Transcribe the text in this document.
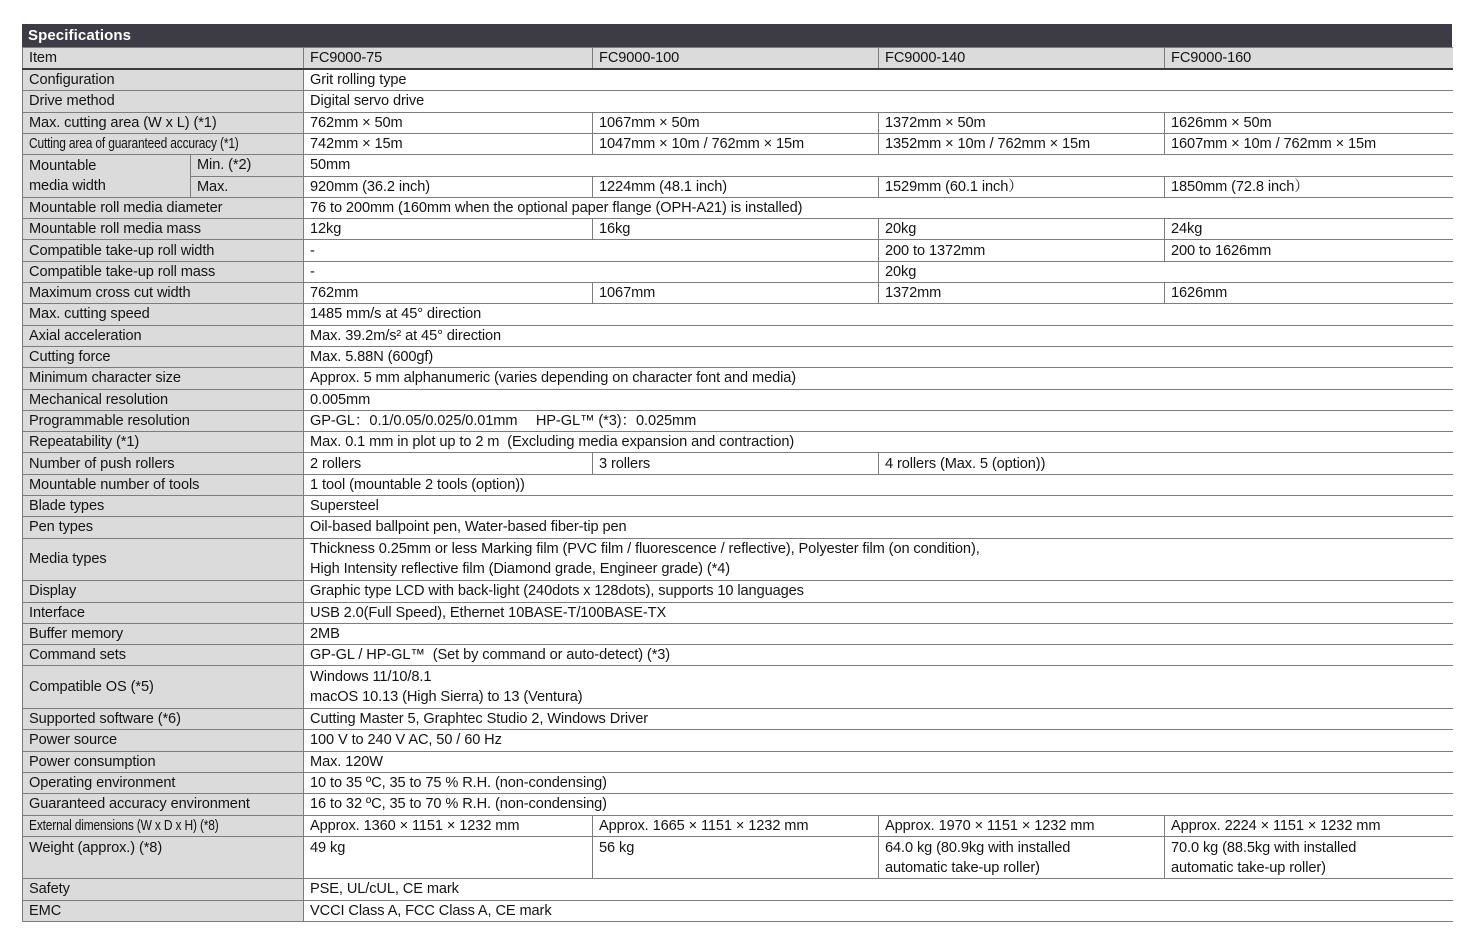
Specifications
Item		FC9000-75	FC9000-100	FC9000-140	FC9000-160

Configuration		Grit rolling type			

Drive method		Digital servo drive			

Max. cutting area (W x L) (*1)		762mm × 50m	1067mm × 50m	1372mm × 50m	1626mm × 50m

Cutting area of guaranteed accuracy (*1)		742mm × 15m	1047mm × 10m / 762mm × 15m	1352mm × 10m / 762mm × 15m	1607mm × 10m / 762mm × 15m

Mountable
media width	Min. (*2)	50mm			

	Max.	920mm (36.2 inch)	1224mm (48.1 inch)	1529mm (60.1 inch）	1850mm (72.8 inch）

Mountable roll media diameter		76 to 200mm (160mm when the optional paper flange (OPH-A21) is installed)			

Mountable roll media mass		12kg	16kg	20kg	24kg

Compatible take-up roll width		-		200 to 1372mm	200 to 1626mm

Compatible take-up roll mass		-		20kg	

Maximum cross cut width		762mm	1067mm	1372mm	1626mm

Max. cutting speed		1485 mm/s at 45° direction			

Axial acceleration		Max. 39.2m/s² at 45° direction			

Cutting force		Max. 5.88N (600gf)			

Minimum character size		Approx. 5 mm alphanumeric (varies depending on character font and media)			

Mechanical resolution		0.005mm			

Programmable resolution		GP-GL：0.1/0.05/0.025/0.01mm　 HP-GL™ (*3)：0.025mm			

Repeatability (*1)		Max. 0.1 mm in plot up to 2 m  (Excluding media expansion and contraction)			

Number of push rollers		2 rollers	3 rollers	4 rollers (Max. 5 (option))	

Mountable number of tools		1 tool (mountable 2 tools (option))			

Blade types		Supersteel			

Pen types		Oil-based ballpoint pen, Water-based fiber-tip pen			

Media types		Thickness 0.25mm or less Marking film (PVC film / fluorescence / reflective), Polyester film (on condition),
High Intensity reflective film (Diamond grade, Engineer grade) (*4)			

Display		Graphic type LCD with back-light (240dots x 128dots), supports 10 languages			

Interface		USB 2.0(Full Speed), Ethernet 10BASE-T/100BASE-TX			

Buffer memory		2MB			

Command sets		GP-GL / HP-GL™  (Set by command or auto-detect) (*3)			

Compatible OS (*5)		Windows 11/10/8.1
macOS 10.13 (High Sierra) to 13 (Ventura)			

Supported software (*6)		Cutting Master 5, Graphtec Studio 2, Windows Driver			

Power source		100 V to 240 V AC, 50 / 60 Hz			

Power consumption		Max. 120W			

Operating environment		10 to 35 ºC, 35 to 75 % R.H. (non-condensing)			

Guaranteed accuracy environment		16 to 32 ºC, 35 to 70 % R.H. (non-condensing)			

External dimensions (W x D x H) (*8)		Approx. 1360 × 1151 × 1232 mm	Approx. 1665 × 1151 × 1232 mm	Approx. 1970 × 1151 × 1232 mm	Approx. 2224 × 1151 × 1232 mm

Weight (approx.) (*8)		49 kg	56 kg	64.0 kg (80.9kg with installed
automatic take-up roller)	70.0 kg (88.5kg with installed
automatic take-up roller)

Safety		PSE, UL/cUL, CE mark			

EMC		VCCI Class A, FCC Class A, CE mark			
